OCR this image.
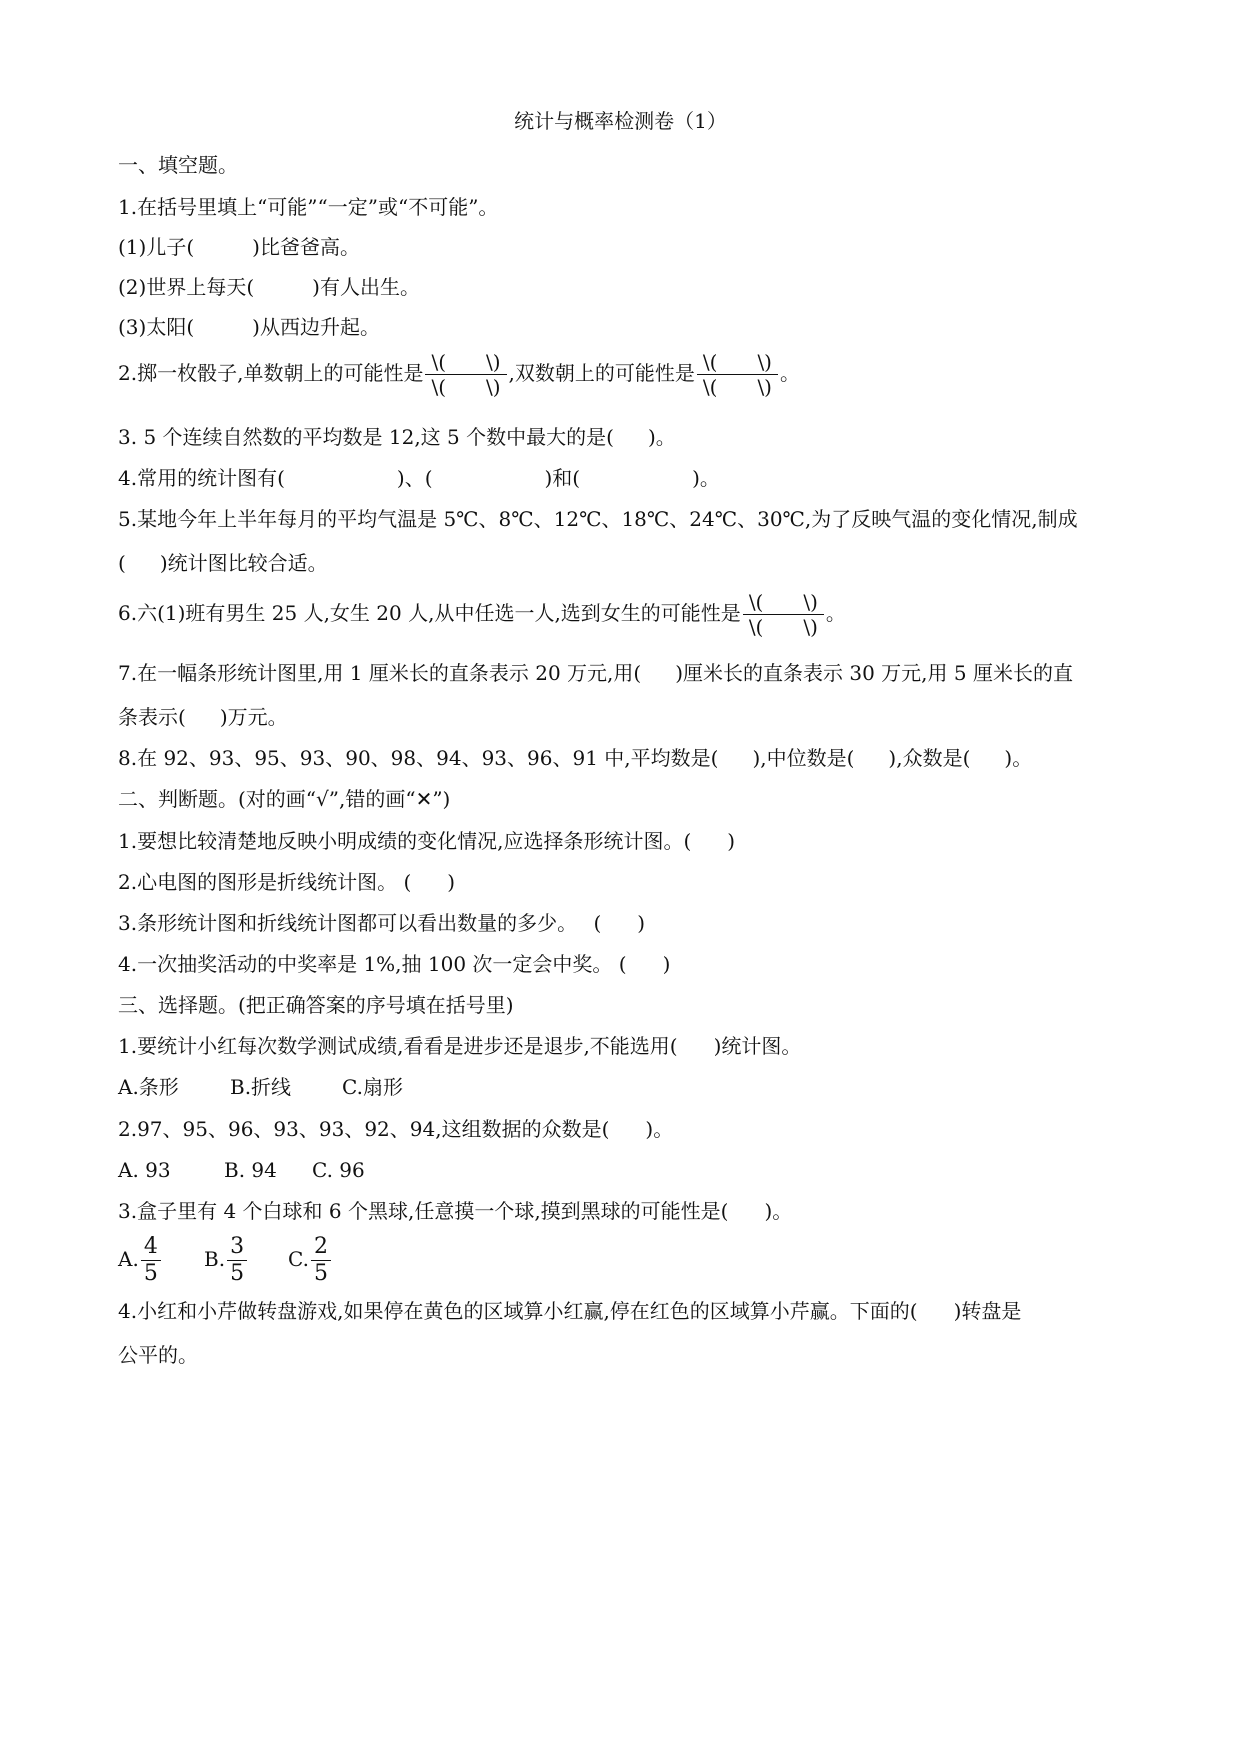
统计与概率检测卷（1）
一、填空题。
1.在括号里填上“可能”“一定”或“不可能”。
(1)儿子(	)比爸爸高。
(2)世界上每天(	)有人出生。
(3)太阳(	)从西边升起。
2.掷一枚骰子,单数朝上的可能性是 $\frac{\backslash( \backslash)}{\backslash( \backslash)}$ ,双数朝上的可能性是 $\frac{\backslash( \backslash)}{\backslash( \backslash)}$ 。
3. 5 个连续自然数的平均数是 12,这 5 个数中最大的是( )。
4.常用的统计图有(	)、(	)和(	)。
5.某地今年上半年每月的平均气温是 5℃、8℃、12℃、18℃、24℃、30℃,为了反映气温的变化情况,制成
( )统计图比较合适。
6.六(1)班有男生 25 人,女生 20 人,从中任选一人,选到女生的可能性是 $\frac{\backslash( \backslash)}{\backslash( \backslash)}$ 。
7.在一幅条形统计图里,用 1 厘米长的直条表示 20 万元,用( )厘米长的直条表示 30 万元,用 5 厘米长的直
条表示( )万元。
8.在 92、93、95、93、90、98、94、93、96、91 中,平均数是( ),中位数是( ),众数是( )。
二、判断题。(对的画“√”,错的画“✕”)
1.要想比较清楚地反映小明成绩的变化情况,应选择条形统计图。( )
2.心电图的图形是折线统计图。 ( )
3.条形统计图和折线统计图都可以看出数量的多少。　 ( )
4.一次抽奖活动的中奖率是 1%,抽 100 次一定会中奖。 ( )
三、选择题。(把正确答案的序号填在括号里)
1.要统计小红每次数学测试成绩,看看是进步还是退步,不能选用( )统计图。
A.条形	B.折线	C.扇形
2.97、95、96、93、93、92、94,这组数据的众数是( )。
A. 93	B. 94 C. 96
3.盒子里有 4 个白球和 6 个黑球,任意摸一个球,摸到黑球的可能性是( )。
A. $\frac{4}{5} B$. $\frac{3}{5} C$. $\frac{2}{5}$
4.小红和小芹做转盘游戏,如果停在黄色的区域算小红赢,停在红色的区域算小芹赢。下面的( )转盘是
公平的。
